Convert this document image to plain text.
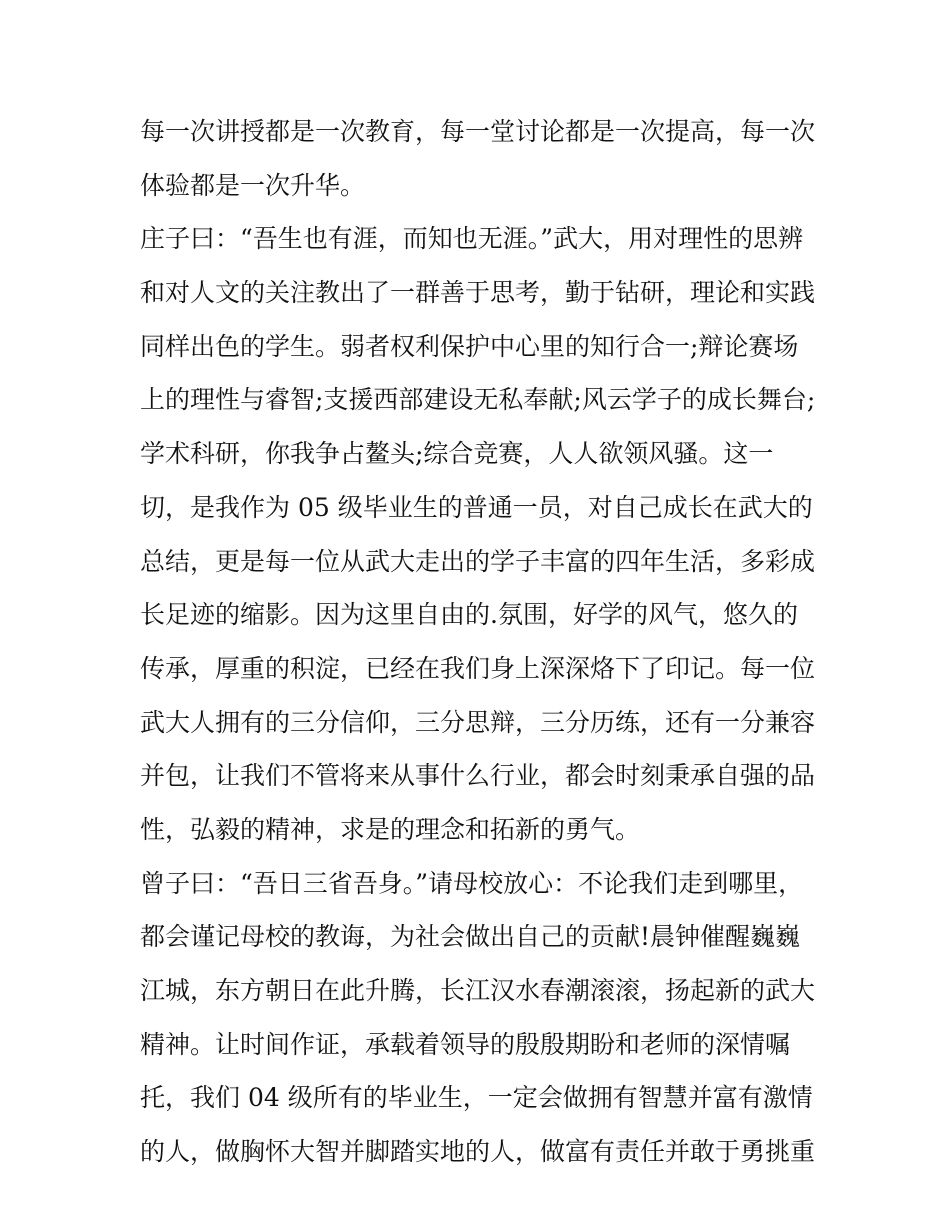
每一次讲授都是一次教育，每一堂讨论都是一次提高，每一次
体验都是一次升华。
庄子曰：“吾生也有涯，而知也无涯。”武大，用对理性的思辨
和对人文的关注教出了一群善于思考，勤于钻研，理论和实践
同样出色的学生。弱者权利保护中心里的知行合一;辩论赛场
上的理性与睿智;支援西部建设无私奉献;风云学子的成长舞台;
学术科研，你我争占鳌头;综合竞赛，人人欲领风骚。这一
切，是我作为 05 级毕业生的普通一员，对自己成长在武大的
总结，更是每一位从武大走出的学子丰富的四年生活，多彩成
长足迹的缩影。因为这里自由的.氛围，好学的风气，悠久的
传承，厚重的积淀，已经在我们身上深深烙下了印记。每一位
武大人拥有的三分信仰，三分思辩，三分历练，还有一分兼容
并包，让我们不管将来从事什么行业，都会时刻秉承自强的品
性，弘毅的精神，求是的理念和拓新的勇气。
曾子曰：“吾日三省吾身。”请母校放心：不论我们走到哪里，
都会谨记母校的教诲，为社会做出自己的贡献!晨钟催醒巍巍
江城，东方朝日在此升腾，长江汉水春潮滚滚，扬起新的武大
精神。让时间作证，承载着领导的殷殷期盼和老师的深情嘱
托，我们 04 级所有的毕业生，一定会做拥有智慧并富有激情
的人，做胸怀大智并脚踏实地的人，做富有责任并敢于勇挑重
